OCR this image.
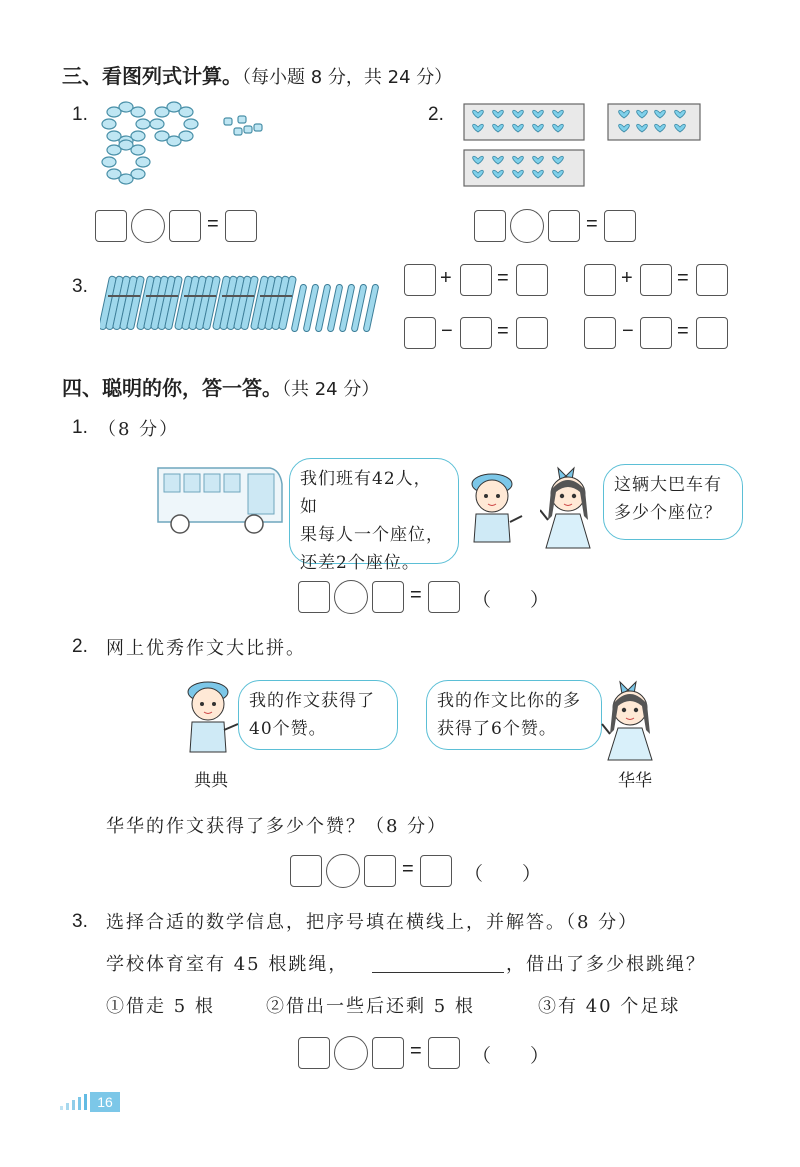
三、看图列式计算。（每小题 8 分，共 24 分）
1.
=
2.
=
3.	+ =	+ =
− =	− =
四、聪明的你，答一答。（共 24 分）
1. （8 分）
我们班有42人，如
果每人一个座位，
还差2个座位。
这辆大巴车有
多少个座位？
=	（ ）
2. 网上优秀作文大比拼。
我的作文获得了
40个赞。
我的作文比你的多
获得了6个赞。
典典	华华
华华的作文获得了多少个赞？（8 分）
=	（ ）
3. 选择合适的数学信息，把序号填在横线上，并解答。（8 分）
学校体育室有 45 根跳绳，	，借出了多少根跳绳？
①借走 5 根	②借出一些后还剩 5 根	③有 40 个足球
=	（ ）
16
